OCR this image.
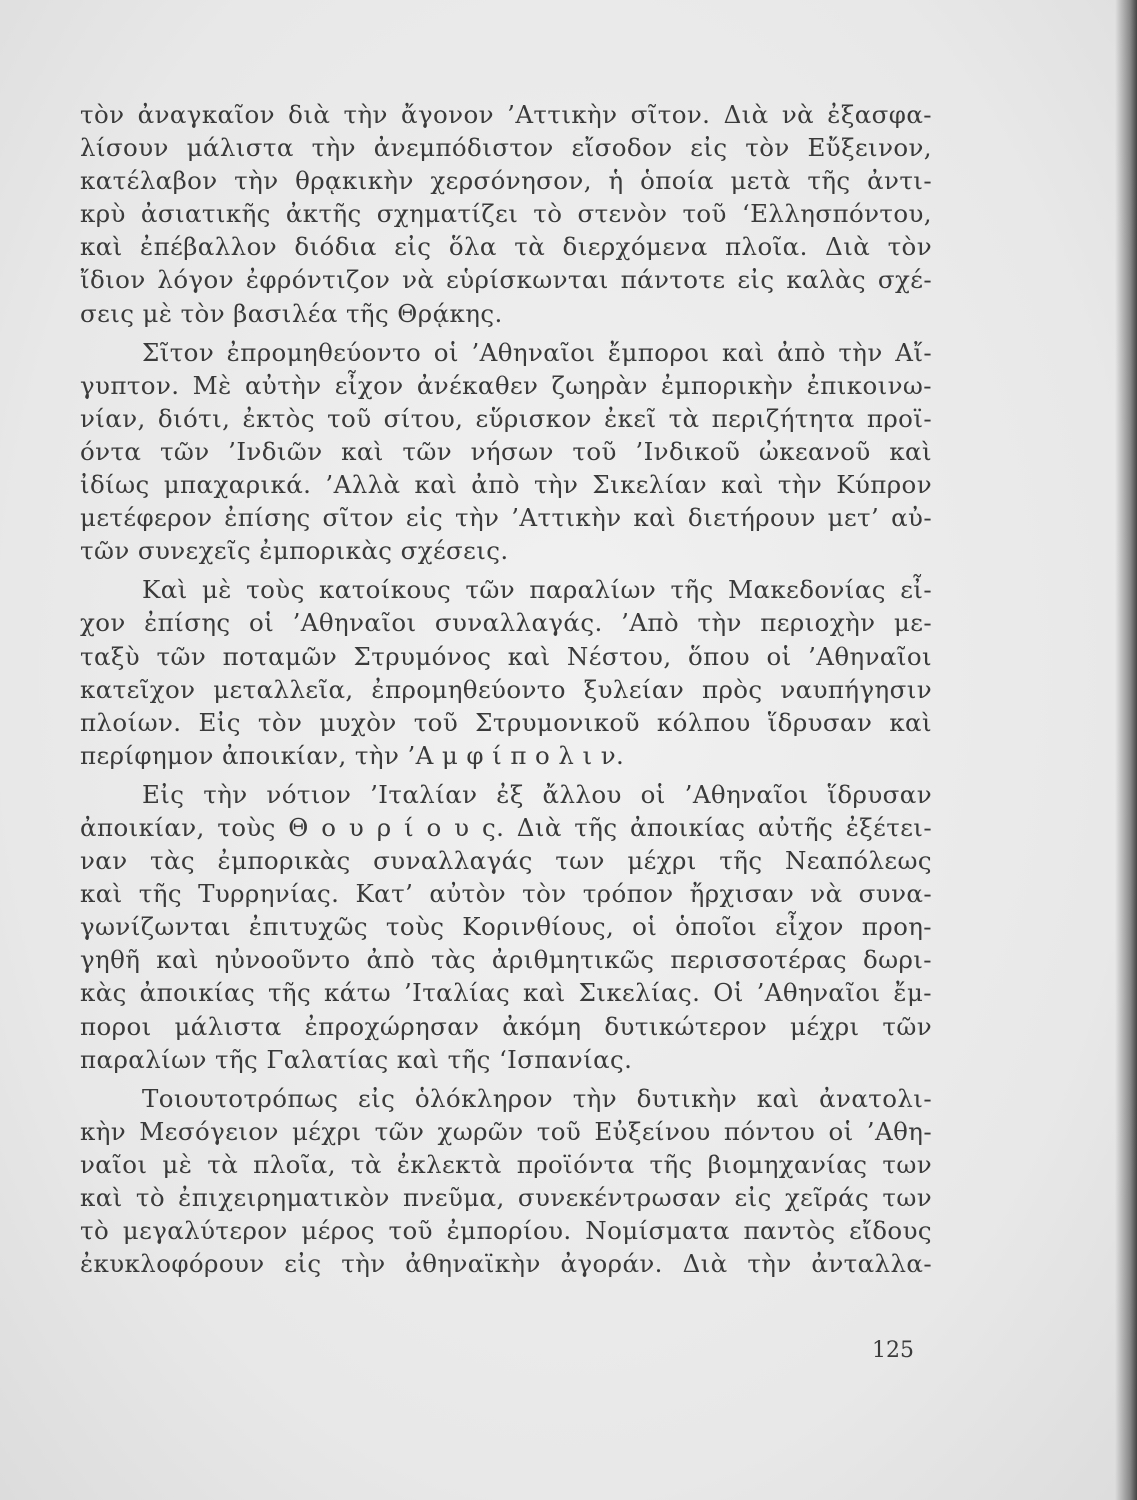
τὸν ἀναγκαῖον διὰ τὴν ἄγονον ’Αττικὴν σῖτον. Διὰ νὰ ἐξασφα-
λίσουν μάλιστα τὴν ἀνεμπόδιστον εἴσοδον εἰς τὸν Εὔξεινον,
κατέλαβον τὴν θρᾳκικὴν χερσόνησον, ἡ ὁποία μετὰ τῆς ἀντι-
κρὺ ἀσιατικῆς ἀκτῆς σχηματίζει τὸ στενὸν τοῦ ‘Ελλησπόντου,
καὶ ἐπέβαλλον διόδια εἰς ὅλα τὰ διερχόμενα πλοῖα. Διὰ τὸν
ἴδιον λόγον ἐφρόντιζον νὰ εὑρίσκωνται πάντοτε εἰς καλὰς σχέ-
σεις μὲ τὸν βασιλέα τῆς Θρᾴκης.
Σῖτον ἐπρομηθεύοντο οἱ ’Αθηναῖοι ἔμποροι καὶ ἀπὸ τὴν Αἴ-
γυπτον. Μὲ αὐτὴν εἶχον ἀνέκαθεν ζωηρὰν ἐμπορικὴν ἐπικοινω-
νίαν, διότι, ἐκτὸς τοῦ σίτου, εὕρισκον ἐκεῖ τὰ περιζήτητα προϊ-
όντα τῶν ’Ινδιῶν καὶ τῶν νήσων τοῦ ’Ινδικοῦ ὠκεανοῦ καὶ
ἰδίως μπαχαρικά. ’Αλλὰ καὶ ἀπὸ τὴν Σικελίαν καὶ τὴν Κύπρον
μετέφερον ἐπίσης σῖτον εἰς τὴν ’Αττικὴν καὶ διετήρουν μετ’ αὐ-
τῶν συνεχεῖς ἐμπορικὰς σχέσεις.
Καὶ μὲ τοὺς κατοίκους τῶν παραλίων τῆς Μακεδονίας εἶ-
χον ἐπίσης οἱ ’Αθηναῖοι συναλλαγάς. ’Απὸ τὴν περιοχὴν με-
ταξὺ τῶν ποταμῶν Στρυμόνος καὶ Νέστου, ὅπου οἱ ’Αθηναῖοι
κατεῖχον μεταλλεῖα, ἐπρομηθεύοντο ξυλείαν πρὸς ναυπήγησιν
πλοίων. Εἰς τὸν μυχὸν τοῦ Στρυμονικοῦ κόλπου ἵδρυσαν καὶ
περίφημον ἀποικίαν, τὴν ’Α μ φ ί π ο λ ι ν.
Εἰς τὴν νότιον ’Ιταλίαν ἐξ ἄλλου οἱ ’Αθηναῖοι ἵδρυσαν
ἀποικίαν, τοὺς Θ ο υ ρ ί ο υ ς. Διὰ τῆς ἀποικίας αὐτῆς ἐξέτει-
ναν τὰς ἐμπορικὰς συναλλαγάς των μέχρι τῆς Νεαπόλεως
καὶ τῆς Τυρρηνίας. Κατ’ αὐτὸν τὸν τρόπον ἤρχισαν νὰ συνα-
γωνίζωνται ἐπιτυχῶς τοὺς Κορινθίους, οἱ ὁποῖοι εἶχον προη-
γηθῆ καὶ ηὐνοοῦντο ἀπὸ τὰς ἀριθμητικῶς περισσοτέρας δωρι-
κὰς ἀποικίας τῆς κάτω ’Ιταλίας καὶ Σικελίας. Οἱ ’Αθηναῖοι ἔμ-
ποροι μάλιστα ἐπροχώρησαν ἀκόμη δυτικώτερον μέχρι τῶν
παραλίων τῆς Γαλατίας καὶ τῆς ‘Ισπανίας.
Τοιουτοτρόπως εἰς ὁλόκληρον τὴν δυτικὴν καὶ ἀνατολι-
κὴν Μεσόγειον μέχρι τῶν χωρῶν τοῦ Εὐξείνου πόντου οἱ ’Αθη-
ναῖοι μὲ τὰ πλοῖα, τὰ ἐκλεκτὰ προϊόντα τῆς βιομηχανίας των
καὶ τὸ ἐπιχειρηματικὸν πνεῦμα, συνεκέντρωσαν εἰς χεῖράς των
τὸ μεγαλύτερον μέρος τοῦ ἐμπορίου. Νομίσματα παντὸς εἴδους
ἐκυκλοφόρουν εἰς τὴν ἀθηναϊκὴν ἀγοράν. Διὰ τὴν ἀνταλλα-
125
